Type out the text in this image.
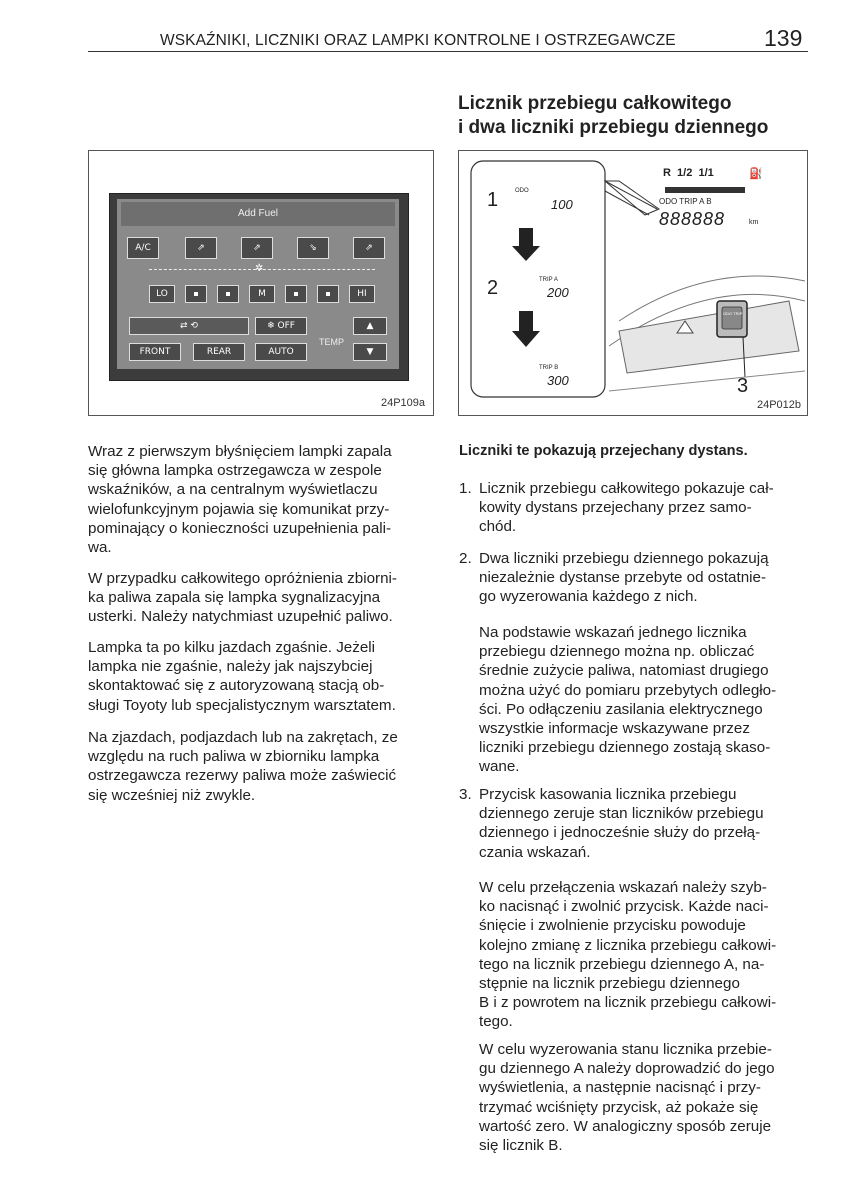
WSKAŹNIKI, LICZNIKI ORAZ LAMPKI KONTROLNE I OSTRZEGAWCZE	139
Licznik przebiegu całkowitego
i dwa liczniki przebiegu dziennego
Add Fuel
A/C	⇗	⇗	⇘	⇗
✲
LO	M	HI
⇄ ⟲	❄ OFF
FRONT	REAR	AUTO
TEMP
▲
▼
24P109a
1	ODO
100
2	TRIP A
200
TRIP B
300
R  1/2  1/1	⛽
ODO TRIP A B
888888	km
ODO TRIP
3
24P012b
Wraz z pierwszym błyśnięciem lampki zapala
się główna lampka ostrzegawcza w zespole
wskaźników, a na centralnym wyświetlaczu
wielofunkcyjnym pojawia się komunikat przy-
pominający o konieczności uzupełnienia pali-
wa.
W przypadku całkowitego opróżnienia zbiorni-
ka paliwa zapala się lampka sygnalizacyjna
usterki. Należy natychmiast uzupełnić paliwo.
Lampka ta po kilku jazdach zgaśnie. Jeżeli
lampka nie zgaśnie, należy jak najszybciej
skontaktować się z autoryzowaną stacją ob-
sługi Toyoty lub specjalistycznym warsztatem.
Na zjazdach, podjazdach lub na zakrętach, ze
względu na ruch paliwa w zbiorniku lampka
ostrzegawcza rezerwy paliwa może zaświecić
się wcześniej niż zwykle.
Liczniki te pokazują przejechany dystans.
1. Licznik przebiegu całkowitego pokazuje cał-
kowity dystans przejechany przez samo-
chód.
2. Dwa liczniki przebiegu dziennego pokazują
niezależnie dystanse przebyte od ostatnie-
go wyzerowania każdego z nich.
Na podstawie wskazań jednego licznika
przebiegu dziennego można np. obliczać
średnie zużycie paliwa, natomiast drugiego
można użyć do pomiaru przebytych odległo-
ści. Po odłączeniu zasilania elektrycznego
wszystkie informacje wskazywane przez
liczniki przebiegu dziennego zostają skaso-
wane.
3. Przycisk kasowania licznika przebiegu
dziennego zeruje stan liczników przebiegu
dziennego i jednocześnie służy do przełą-
czania wskazań.
W celu przełączenia wskazań należy szyb-
ko nacisnąć i zwolnić przycisk. Każde naci-
śnięcie i zwolnienie przycisku powoduje
kolejno zmianę z licznika przebiegu całkowi-
tego na licznik przebiegu dziennego A, na-
stępnie na licznik przebiegu dziennego
B i z powrotem na licznik przebiegu całkowi-
tego.
W celu wyzerowania stanu licznika przebie-
gu dziennego A należy doprowadzić do jego
wyświetlenia, a następnie nacisnąć i przy-
trzymać wciśnięty przycisk, aż pokaże się
wartość zero. W analogiczny sposób zeruje
się licznik B.
